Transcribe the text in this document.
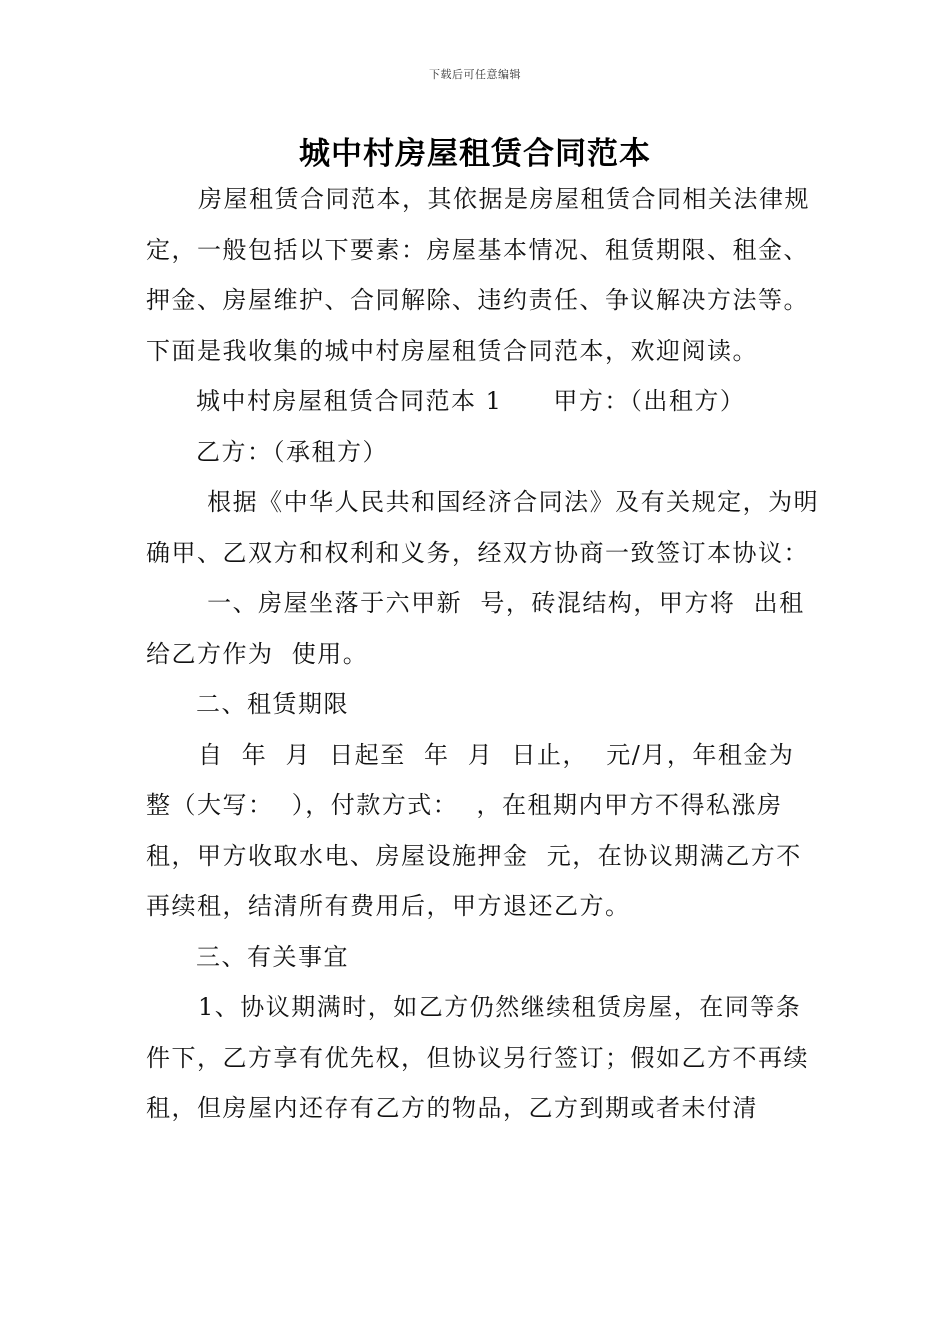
下载后可任意编辑
城中村房屋租赁合同范本

房屋租赁合同范本，其依据是房屋租赁合同相关法律规定，一般包括以下要素：房屋基本情况、租赁期限、租金、押金、房屋维护、合同解除、违约责任、争议解决方法等。下面是我收集的城中村房屋租赁合同范本，欢迎阅读。

城中村房屋租赁合同范本 1　　甲方：（出租方）

乙方：（承租方）

根据《中华人民共和国经济合同法》及有关规定，为明确甲、乙双方和权利和义务，经双方协商一致签订本协议：

一、房屋坐落于六甲新  号，砖混结构，甲方将  出租给乙方作为  使用。

二、租赁期限

自  年  月  日起至  年  月  日止，  元/月，年租金为  整（大写：  ），付款方式：  ，在租期内甲方不得私涨房租，甲方收取水电、房屋设施押金  元，在协议期满乙方不再续租，结清所有费用后，甲方退还乙方。

三、有关事宜

1、协议期满时，如乙方仍然继续租赁房屋，在同等条件下，乙方享有优先权，但协议另行签订；假如乙方不再续租，但房屋内还存有乙方的物品，乙方到期或者未付清
